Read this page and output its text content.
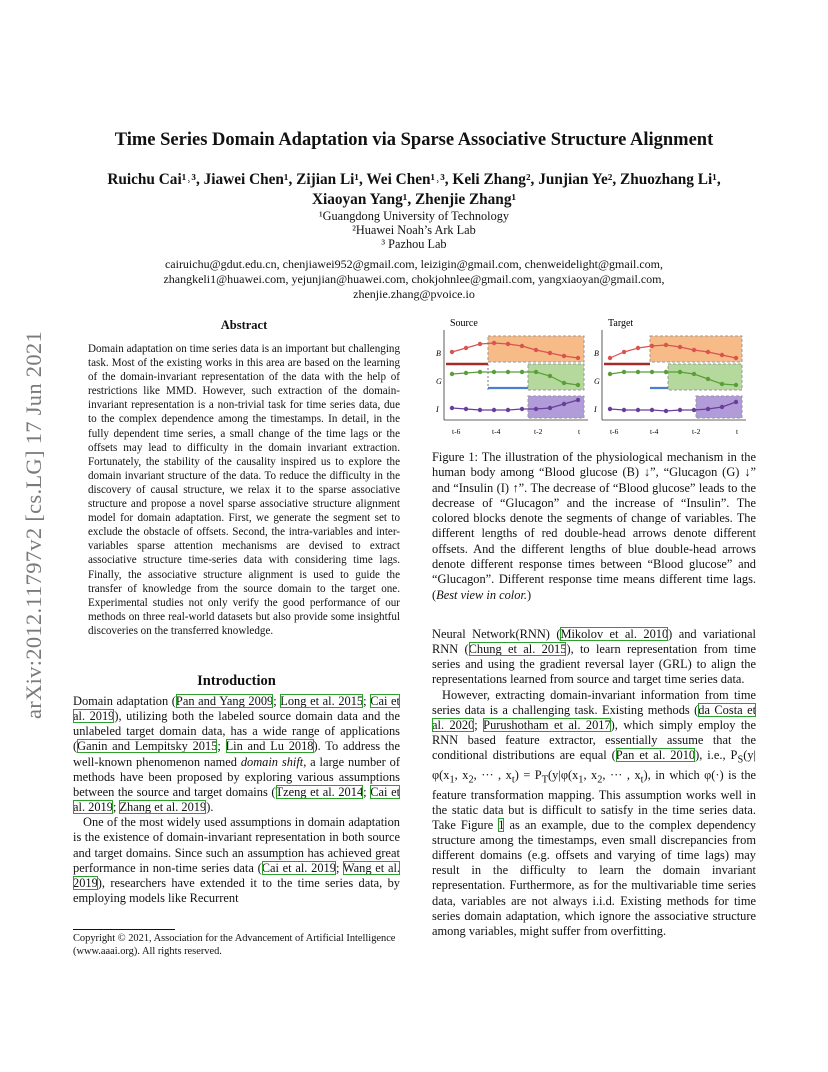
arXiv:2012.11797v2 [cs.LG] 17 Jun 2021
Time Series Domain Adaptation via Sparse Associative Structure Alignment
Ruichu Cai¹˒³, Jiawei Chen¹, Zijian Li¹, Wei Chen¹˒³, Keli Zhang², Junjian Ye², Zhuozhang Li¹,
Xiaoyan Yang¹, Zhenjie Zhang¹
¹Guangdong University of Technology
²Huawei Noah’s Ark Lab
³ Pazhou Lab
cairuichu@gdut.edu.cn, chenjiawei952@gmail.com, leizigin@gmail.com, chenweidelight@gmail.com,
zhangkeli1@huawei.com, yejunjian@huawei.com, chokjohnlee@gmail.com, yangxiaoyan@gmail.com,
zhenjie.zhang@pvoice.io
Abstract
Domain adaptation on time series data is an important but challenging task. Most of the existing works in this area are based on the learning of the domain-invariant representation of the data with the help of restrictions like MMD. However, such extraction of the domain-invariant representation is a non-trivial task for time series data, due to the complex dependence among the timestamps. In detail, in the fully dependent time series, a small change of the time lags or the offsets may lead to difficulty in the domain invariant extraction. Fortunately, the stability of the causality inspired us to explore the domain invariant structure of the data. To reduce the difficulty in the discovery of causal structure, we relax it to the sparse associative structure and propose a novel sparse associative structure alignment model for domain adaptation. First, we generate the segment set to exclude the obstacle of offsets. Second, the intra-variables and inter-variables sparse attention mechanisms are devised to extract associative structure time-series data with considering time lags. Finally, the associative structure alignment is used to guide the transfer of knowledge from the source domain to the target one. Experimental studies not only verify the good performance of our methods on three real-world datasets but also provide some insightful discoveries on the transferred knowledge.
Introduction

Domain adaptation (Pan and Yang 2009; Long et al. 2015; Cai et al. 2019), utilizing both the labeled source domain data and the unlabeled target domain data, has a wide range of applications (Ganin and Lempitsky 2015; Lin and Lu 2018). To address the well-known phenomenon named domain shift, a large number of methods have been proposed by exploring various assumptions between the source and target domains (Tzeng et al. 2014; Cai et al. 2019; Zhang et al. 2019).

One of the most widely used assumptions in domain adaptation is the existence of domain-invariant representation in both source and target domains. Since such an assumption has achieved great performance in non-time series data (Cai et al. 2019; Wang et al. 2019), researchers have extended it to the time series data, by employing models like Recurrent

Copyright © 2021, Association for the Advancement of Artificial Intelligence (www.aaai.org). All rights reserved.
Source
B
G
I
t-6	t-4	t-2	t
Target
B
G
I
t-6	t-4	t-2	t
Figure 1: The illustration of the physiological mechanism in the human body among “Blood glucose (B) ↓”, “Glucagon (G) ↓” and “Insulin (I) ↑”. The decrease of “Blood glucose” leads to the decrease of “Glucagon” and the increase of “Insulin”. The colored blocks denote the segments of change of variables. The different lengths of red double-head arrows denote different offsets. And the different lengths of blue double-head arrows denote different response times between “Blood glucose” and “Glucagon”. Different response time means different time lags. (Best view in color.)

Neural Network(RNN) (Mikolov et al. 2010) and variational RNN (Chung et al. 2015), to learn representation from time series and using the gradient reversal layer (GRL) to align the representations learned from source and target time series data.

However, extracting domain-invariant information from time series data is a challenging task. Existing methods (da Costa et al. 2020; Purushotham et al. 2017), which simply employ the RNN based feature extractor, essentially assume that the conditional distributions are equal (Pan et al. 2010), i.e., $P_S(y|\varphi(x_1$, $x_2$, ··· , $x_t) = P_T(y|\varphi(x_1$, $x_2$, ··· , $x_t$), in which φ(·) is the feature transformation mapping. This assumption works well in the static data but is difficult to satisfy in the time series data. Take Figure 1 as an example, due to the complex dependency structure among the timestamps, even small discrepancies from different domains (e.g. offsets and varying of time lags) may result in the difficulty to learn the domain invariant representation. Furthermore, as for the multivariable time series data, variables are not always i.i.d. Existing methods for time series domain adaptation, which ignore the associative structure among variables, might suffer from overfitting.
